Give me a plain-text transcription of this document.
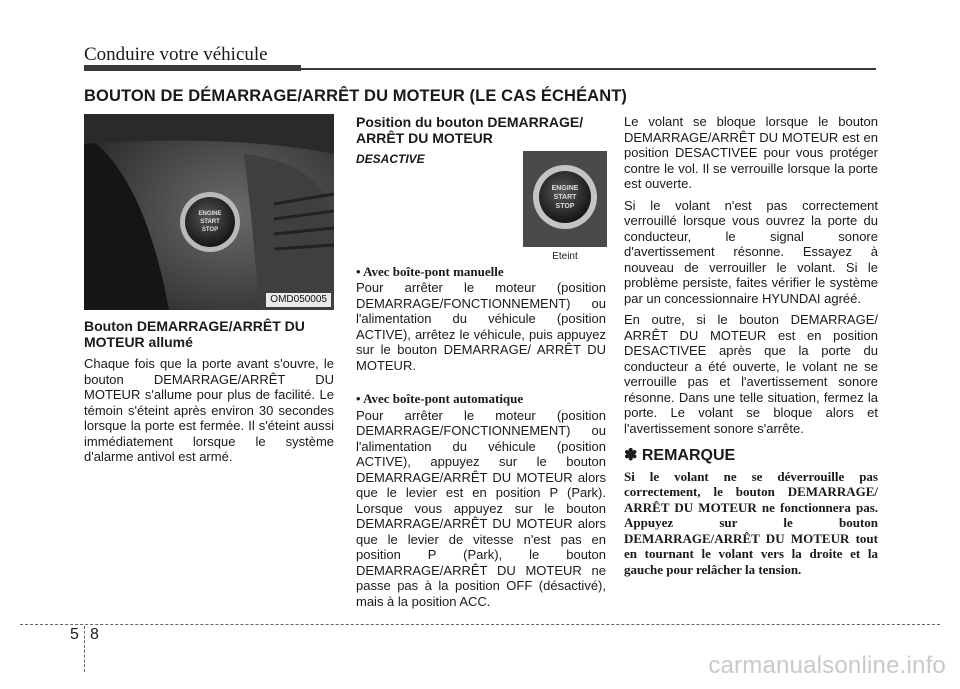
Conduire votre véhicule
BOUTON DE DÉMARRAGE/ARRÊT DU MOTEUR (LE CAS ÉCHÉANT)
ENGINE
START
STOP
OMD050005
Bouton DEMARRAGE/ARRÊT DU MOTEUR allumé

Chaque fois que la porte avant s'ouvre, le bouton DEMARRAGE/ARRÊT DU MOTEUR s'allume pour plus de facilité. Le témoin s'éteint après environ 30 secondes lorsque la porte est fermée. Il s'éteint aussi immédiatement lorsque le système d'alarme antivol est armé.

Position du bouton DEMARRAGE/ ARRÊT DU MOTEUR
DESACTIVE
ENGINE
START
STOP
Eteint
• Avec boîte-pont manuelle

Pour arrêter le moteur (position DEMARRAGE/FONCTIONNEMENT) ou l'alimentation du véhicule (position ACTIVE), arrêtez le véhicule, puis appuyez sur le bouton DEMARRAGE/ ARRÊT DU MOTEUR.

• Avec boîte-pont automatique

Pour arrêter le moteur (position DEMARRAGE/FONCTIONNEMENT) ou l'alimentation du véhicule (position ACTIVE), appuyez sur le bouton DEMARRAGE/ARRÊT DU MOTEUR alors que le levier est en position P (Park). Lorsque vous appuyez sur le bouton DEMARRAGE/ARRÊT DU MOTEUR alors que le levier de vitesse n'est pas en position P (Park), le bouton DEMARRAGE/ARRÊT DU MOTEUR ne passe pas à la position OFF (désactivé), mais à la position ACC.

Le volant se bloque lorsque le bouton DEMARRAGE/ARRÊT DU MOTEUR est en position DESACTIVEE pour vous protéger contre le vol. Il se verrouille lorsque la porte est ouverte.

Si le volant n'est pas correctement verrouillé lorsque vous ouvrez la porte du conducteur, le signal sonore d'avertissement résonne. Essayez à nouveau de verrouiller le volant. Si le problème persiste, faites vérifier le système par un concessionnaire HYUNDAI agréé.

En outre, si le bouton DEMARRAGE/ ARRÊT DU MOTEUR est en position DESACTIVEE après que la porte du conducteur a été ouverte, le volant ne se verrouille pas et l'avertissement sonore résonne. Dans une telle situation, fermez la porte. Le volant se bloque alors et l'avertissement sonore s'arrête.

✽ REMARQUE

Si le volant ne se déverrouille pas correctement, le bouton DEMARRAGE/ ARRÊT DU MOTEUR ne fonctionnera pas. Appuyez sur le bouton DEMARRAGE/ARRÊT DU MOTEUR tout en tournant le volant vers la droite et la gauche pour relâcher la tension.

5 8
carmanualsonline.info
